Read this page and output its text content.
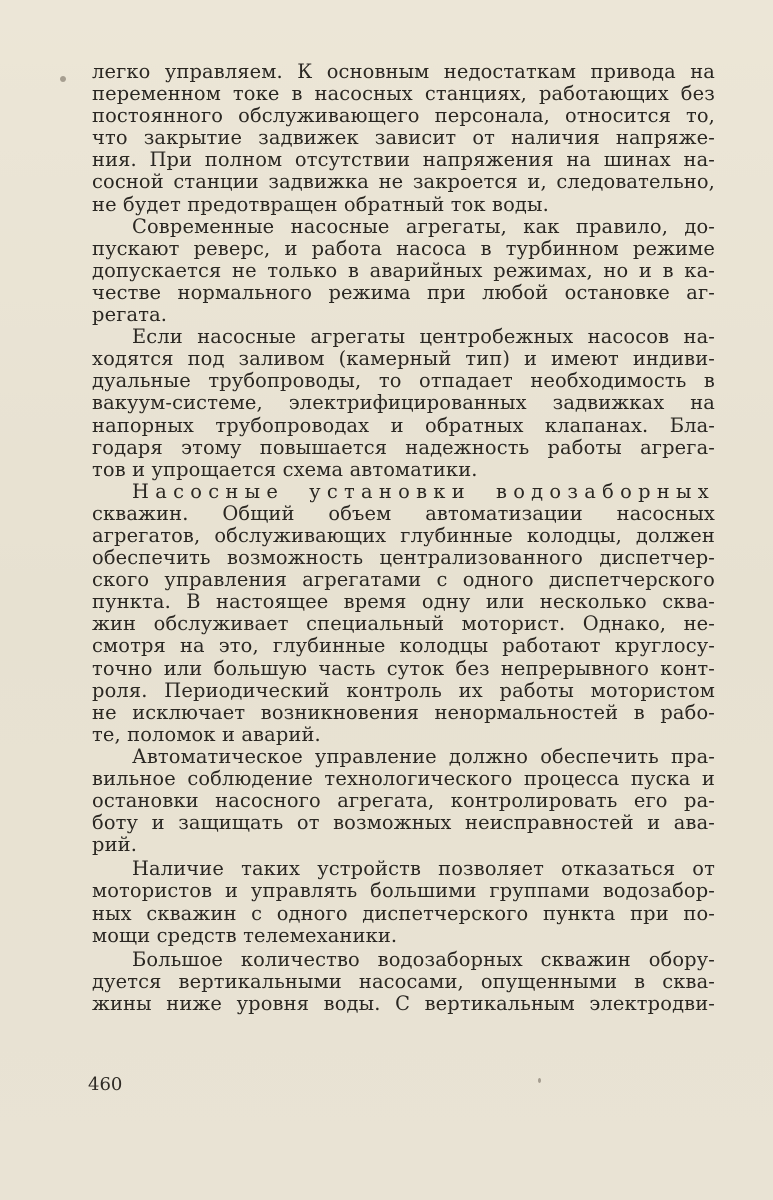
легко управляем. К основным недостаткам привода на
переменном токе в насосных станциях, работающих без
постоянного обслуживающего персонала, относится то,
что закрытие задвижек зависит от наличия напряже-
ния. При полном отсутствии напряжения на шинах на-
сосной станции задвижка не закроется и, следовательно,
не будет предотвращен обратный ток воды.
Современные насосные агрегаты, как правило, до-
пускают реверс, и работа насоса в турбинном режиме
допускается не только в аварийных режимах, но и в ка-
честве нормального режима при любой остановке аг-
регата.
Если насосные агрегаты центробежных насосов на-
ходятся под заливом (камерный тип) и имеют индиви-
дуальные трубопроводы, то отпадает необходимость в
вакуум-системе, электрифицированных задвижках на
напорных трубопроводах и обратных клапанах. Бла-
годаря этому повышается надежность работы агрега-
тов и упрощается схема автоматики.
Насосные установки водозаборных
скважин. Общий объем автоматизации насосных
агрегатов, обслуживающих глубинные колодцы, должен
обеспечить возможность централизованного диспетчер-
ского управления агрегатами с одного диспетчерского
пункта. В настоящее время одну или несколько сква-
жин обслуживает специальный моторист. Однако, не-
смотря на это, глубинные колодцы работают круглосу-
точно или большую часть суток без непрерывного конт-
роля. Периодический контроль их работы мотористом
не исключает возникновения ненормальностей в рабо-
те, поломок и аварий.
Автоматическое управление должно обеспечить пра-
вильное соблюдение технологического процесса пуска и
остановки насосного агрегата, контролировать его ра-
боту и защищать от возможных неисправностей и ава-
рий.
Наличие таких устройств позволяет отказаться от
мотористов и управлять большими группами водозабор-
ных скважин с одного диспетчерского пункта при по-
мощи средств телемеханики.
Большое количество водозаборных скважин обору-
дуется вертикальными насосами, опущенными в сква-
жины ниже уровня воды. С вертикальным электродви-
460
